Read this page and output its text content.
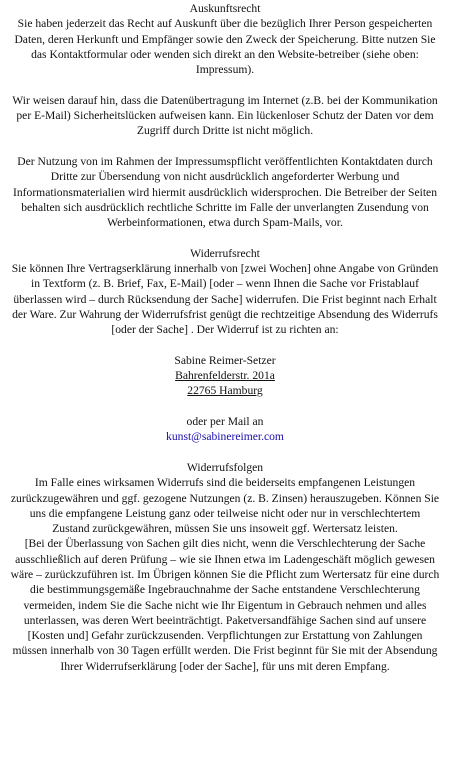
Auskunftsrecht

Sie haben jederzeit das Recht auf Auskunft über die bezüglich Ihrer Person gespeicherten Daten, deren Herkunft und Empfänger sowie den Zweck der Speicherung. Bitte nutzen Sie das Kontaktformular oder wenden sich direkt an den Website-betreiber (siehe oben: Impressum).

Wir weisen darauf hin, dass die Datenübertragung im Internet (z.B. bei der Kommunikation per E-Mail) Sicherheitslücken aufweisen kann. Ein lückenloser Schutz der Daten vor dem Zugriff durch Dritte ist nicht möglich.

Der Nutzung von im Rahmen der Impressumspflicht veröffentlichten Kontaktdaten durch Dritte zur Übersendung von nicht ausdrücklich angeforderter Werbung und Informationsmaterialien wird hiermit ausdrücklich widersprochen. Die Betreiber der Seiten behalten sich ausdrücklich rechtliche Schritte im Falle der unverlangten Zusendung von Werbeinformationen, etwa durch Spam-Mails, vor.

Widerrufsrecht

Sie können Ihre Vertragserklärung innerhalb von [zwei Wochen] ohne Angabe von Gründen in Textform (z. B. Brief, Fax, E-Mail) [oder – wenn Ihnen die Sache vor Fristablauf überlassen wird – durch Rücksendung der Sache] widerrufen. Die Frist beginnt nach Erhalt der Ware. Zur Wahrung der Widerrufsfrist genügt die rechtzeitige Absendung des Widerrufs [oder der Sache] . Der Widerruf ist zu richten an:

Sabine Reimer-Setzer

Bahrenfelderstr. 201a

22765 Hamburg

oder per Mail an

kunst@sabinereimer.com

Widerrufsfolgen

Im Falle eines wirksamen Widerrufs sind die beiderseits empfangenen Leistungen zurückzugewähren und ggf. gezogene Nutzungen (z. B. Zinsen) herauszugeben. Können Sie uns die empfangene Leistung ganz oder teilweise nicht oder nur in verschlechtertem Zustand zurückgewähren, müssen Sie uns insoweit ggf. Wertersatz leisten.

[Bei der Überlassung von Sachen gilt dies nicht, wenn die Verschlechterung der Sache ausschließlich auf deren Prüfung – wie sie Ihnen etwa im Ladengeschäft möglich gewesen wäre – zurückzuführen ist. Im Übrigen können Sie die Pflicht zum Wertersatz für eine durch die bestimmungsgemäße Ingebrauchnahme der Sache entstandene Verschlechterung vermeiden, indem Sie die Sache nicht wie Ihr Eigentum in Gebrauch nehmen und alles unterlassen, was deren Wert beeinträchtigt. Paketversandfähige Sachen sind auf unsere [Kosten und] Gefahr zurückzusenden. Verpflichtungen zur Erstattung von Zahlungen müssen innerhalb von 30 Tagen erfüllt werden. Die Frist beginnt für Sie mit der Absendung Ihrer Widerrufserklärung [oder der Sache], für uns mit deren Empfang.
